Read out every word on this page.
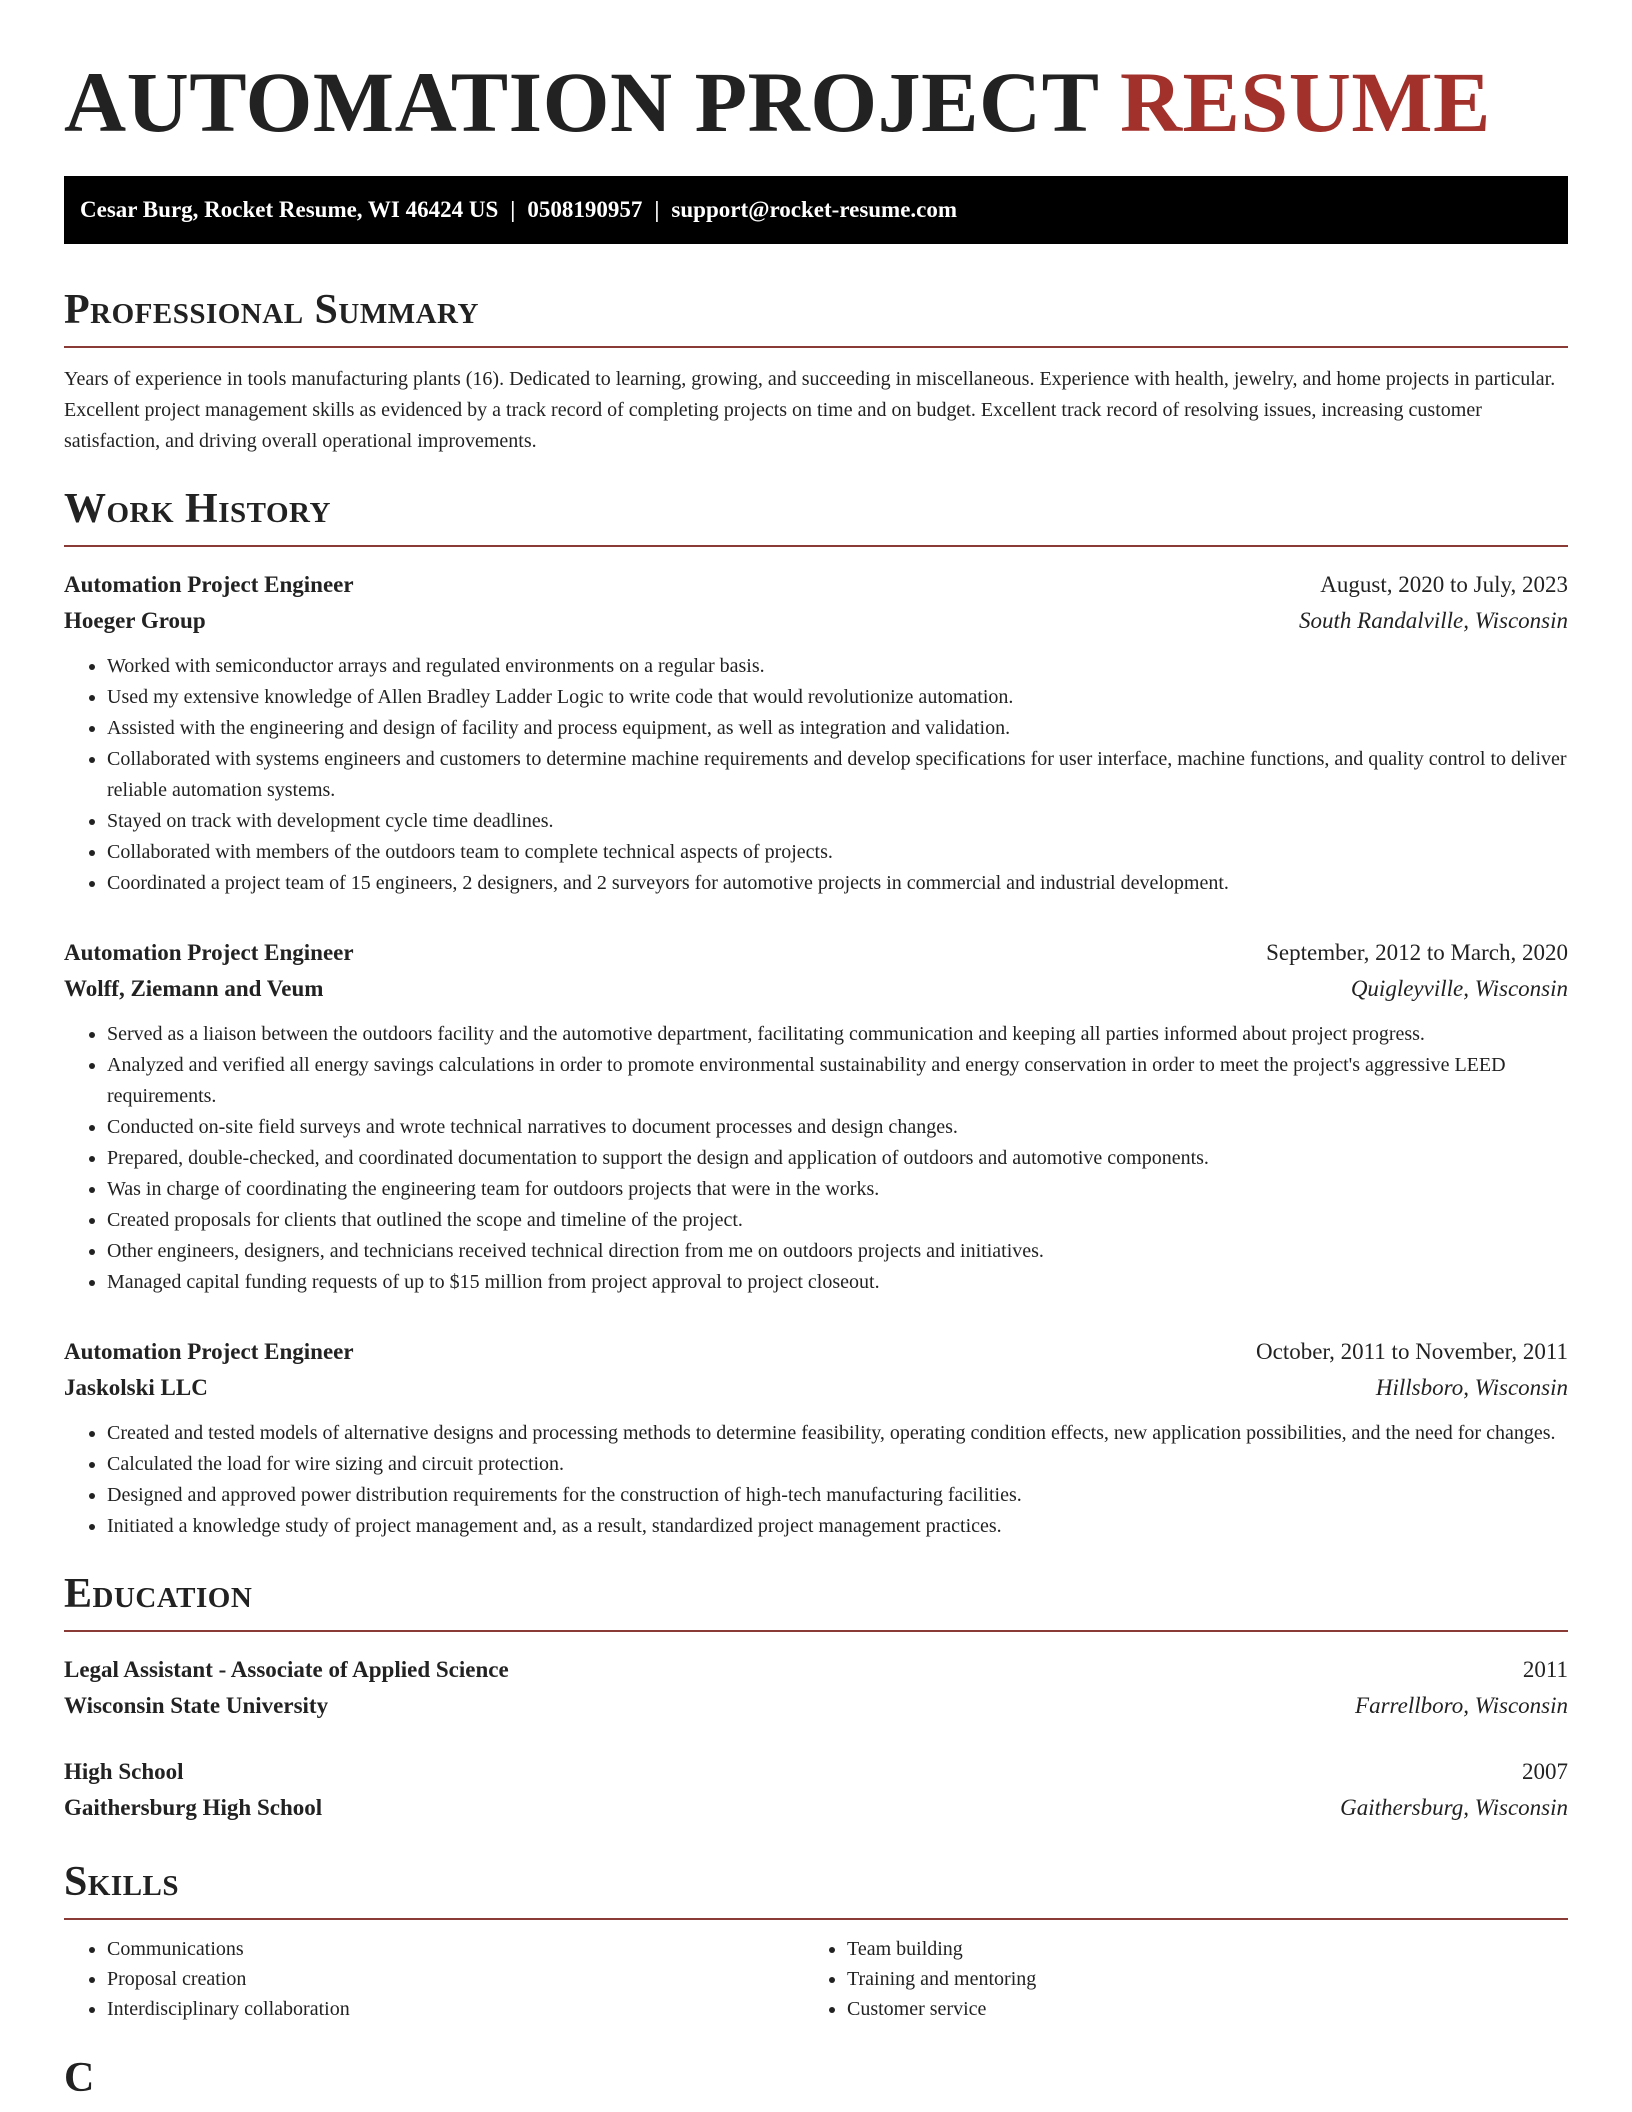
AUTOMATION PROJECT RESUME
Cesar Burg, Rocket Resume, WI 46424 US | 0508190957 | support@rocket-resume.com
Professional Summary

Years of experience in tools manufacturing plants (16). Dedicated to learning, growing, and succeeding in miscellaneous. Experience with health, jewelry, and home projects in particular. Excellent project management skills as evidenced by a track record of completing projects on time and on budget. Excellent track record of resolving issues, increasing customer satisfaction, and driving overall operational improvements.

Work History
Automation Project Engineer	August, 2020 to July, 2023
Hoeger Group	South Randalville, Wisconsin
• Worked with semiconductor arrays and regulated environments on a regular basis.
• Used my extensive knowledge of Allen Bradley Ladder Logic to write code that would revolutionize automation.
• Assisted with the engineering and design of facility and process equipment, as well as integration and validation.
• Collaborated with systems engineers and customers to determine machine requirements and develop specifications for user interface, machine functions, and quality control to deliver reliable automation systems.
• Stayed on track with development cycle time deadlines.
• Collaborated with members of the outdoors team to complete technical aspects of projects.
• Coordinated a project team of 15 engineers, 2 designers, and 2 surveyors for automotive projects in commercial and industrial development.
Automation Project Engineer	September, 2012 to March, 2020
Wolff, Ziemann and Veum	Quigleyville, Wisconsin
• Served as a liaison between the outdoors facility and the automotive department, facilitating communication and keeping all parties informed about project progress.
• Analyzed and verified all energy savings calculations in order to promote environmental sustainability and energy conservation in order to meet the project's aggressive LEED requirements.
• Conducted on-site field surveys and wrote technical narratives to document processes and design changes.
• Prepared, double-checked, and coordinated documentation to support the design and application of outdoors and automotive components.
• Was in charge of coordinating the engineering team for outdoors projects that were in the works.
• Created proposals for clients that outlined the scope and timeline of the project.
• Other engineers, designers, and technicians received technical direction from me on outdoors projects and initiatives.
• Managed capital funding requests of up to $15 million from project approval to project closeout.
Automation Project Engineer	October, 2011 to November, 2011
Jaskolski LLC	Hillsboro, Wisconsin
• Created and tested models of alternative designs and processing methods to determine feasibility, operating condition effects, new application possibilities, and the need for changes.
• Calculated the load for wire sizing and circuit protection.
• Designed and approved power distribution requirements for the construction of high-tech manufacturing facilities.
• Initiated a knowledge study of project management and, as a result, standardized project management practices.
Education
Legal Assistant - Associate of Applied Science	2011
Wisconsin State University	Farrellboro, Wisconsin
High School	2007
Gaithersburg High School	Gaithersburg, Wisconsin
Skills
• Communications
• Proposal creation
• Interdisciplinary collaboration
• Team building
• Training and mentoring
• Customer service
C
